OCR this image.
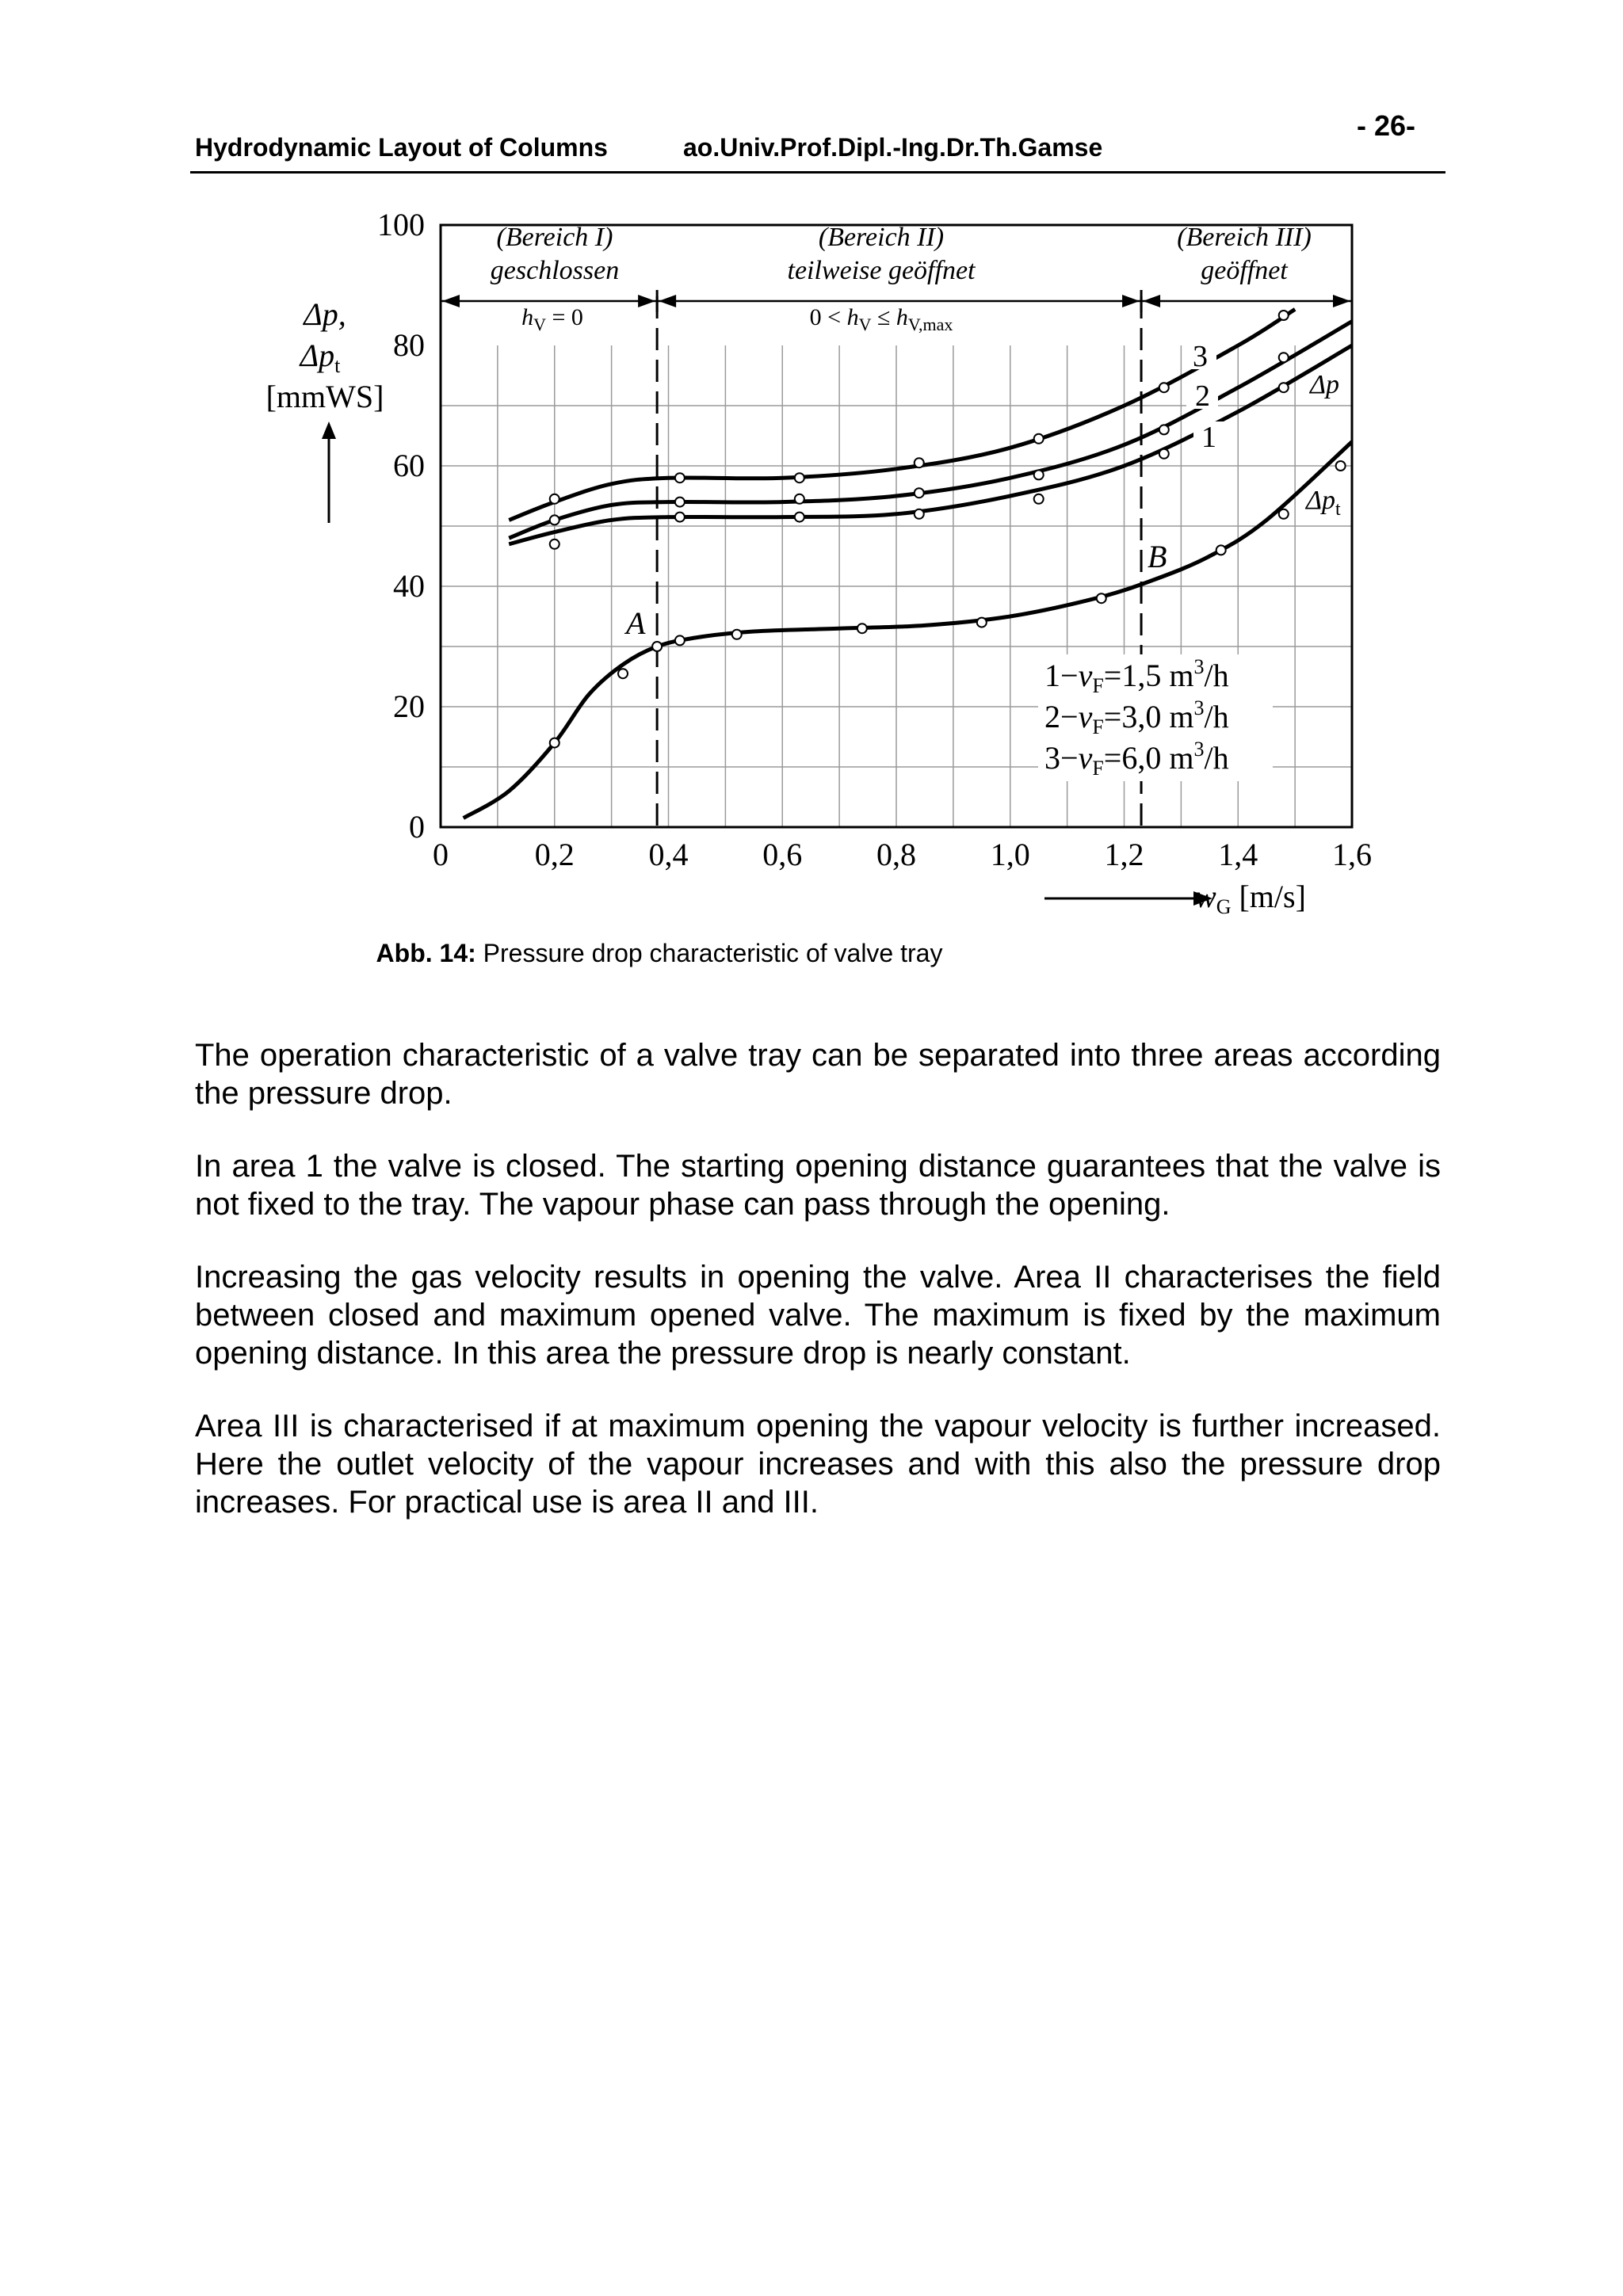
Hydrodynamic Layout of Columns	ao.Univ.Prof.Dipl.-Ing.Dr.Th.Gamse
- 26-
0	0,2 0,4 0,6 0,8 1,0 1,2 1,4 1,6
0
20
40
60
80
100
Δp,
$\Delta p_t$
[mmWS]
$w_G$ [m/s]
(Bereich I)
geschlossen
$h_V = 0$
(Bereich II)
teilweise geöffnet
$0 < h_V \le h_{V,max}$
(Bereich III)
geöffnet
A
B
3
2
1
Δp
$\Delta p_t$
$1-v_F=1,5$ $m^3/h$
$2-v_F=3,0$ $m^3/h$
$3-v_F=6,0$ $m^3/h$
Abb. 14: Pressure drop characteristic of valve tray

The operation characteristic of a valve tray can be separated into three areas according the pressure drop.

In area 1 the valve is closed. The starting opening distance guarantees that the valve is not fixed to the tray. The vapour phase can pass through the opening.

Increasing the gas velocity results in opening the valve. Area II characterises the field between closed and maximum opened valve. The maximum is fixed by the maximum opening distance. In this area the pressure drop is nearly constant.

Area III is characterised if at maximum opening the vapour velocity is further increased. Here the outlet velocity of the vapour increases and with this also the pressure drop increases. For practical use is area II and III.
